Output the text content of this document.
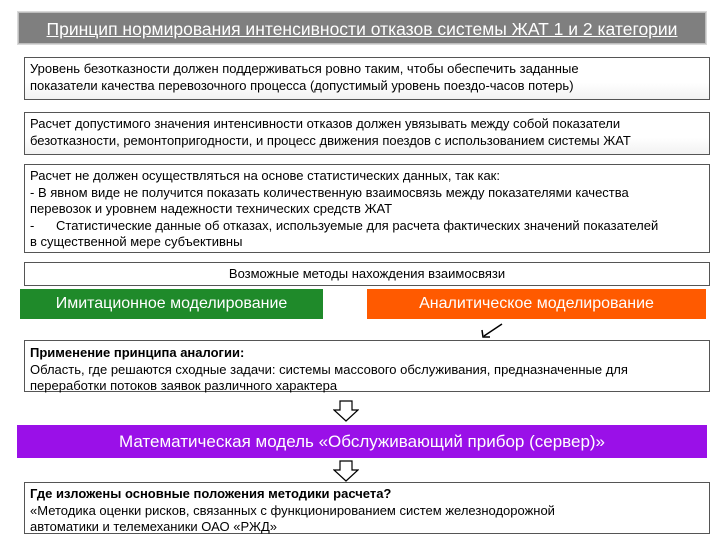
Принцип нормирования интенсивности отказов системы ЖАТ 1 и 2 категории
Уровень безотказности должен поддерживаться ровно таким, чтобы обеспечить заданные
показатели качества перевозочного процесса (допустимый уровень поездо-часов потерь)
Расчет допустимого значения интенсивности отказов должен увязывать между собой показатели
безотказности, ремонтопригодности, и процесс движения поездов с использованием системы ЖАТ
Расчет не должен осуществляться на основе статистических данных, так как:
- В явном виде не получится показать количественную взаимосвязь между показателями качества
перевозок и уровнем надежности технических средств ЖАТ
-      Статистические данные об отказах, используемые для расчета фактических значений показателей
в существенной мере субъективны
Возможные методы нахождения взаимосвязи
Имитационное моделирование	Аналитическое моделирование
Применение принципа аналогии:
Область, где решаются сходные задачи: системы массового обслуживания, предназначенные для
переработки потоков заявок различного характера
Математическая модель «Обслуживающий прибор (сервер)»
Где изложены основные положения методики расчета?
«Методика оценки рисков, связанных с функционированием систем железнодорожной
автоматики и телемеханики ОАО «РЖД»
